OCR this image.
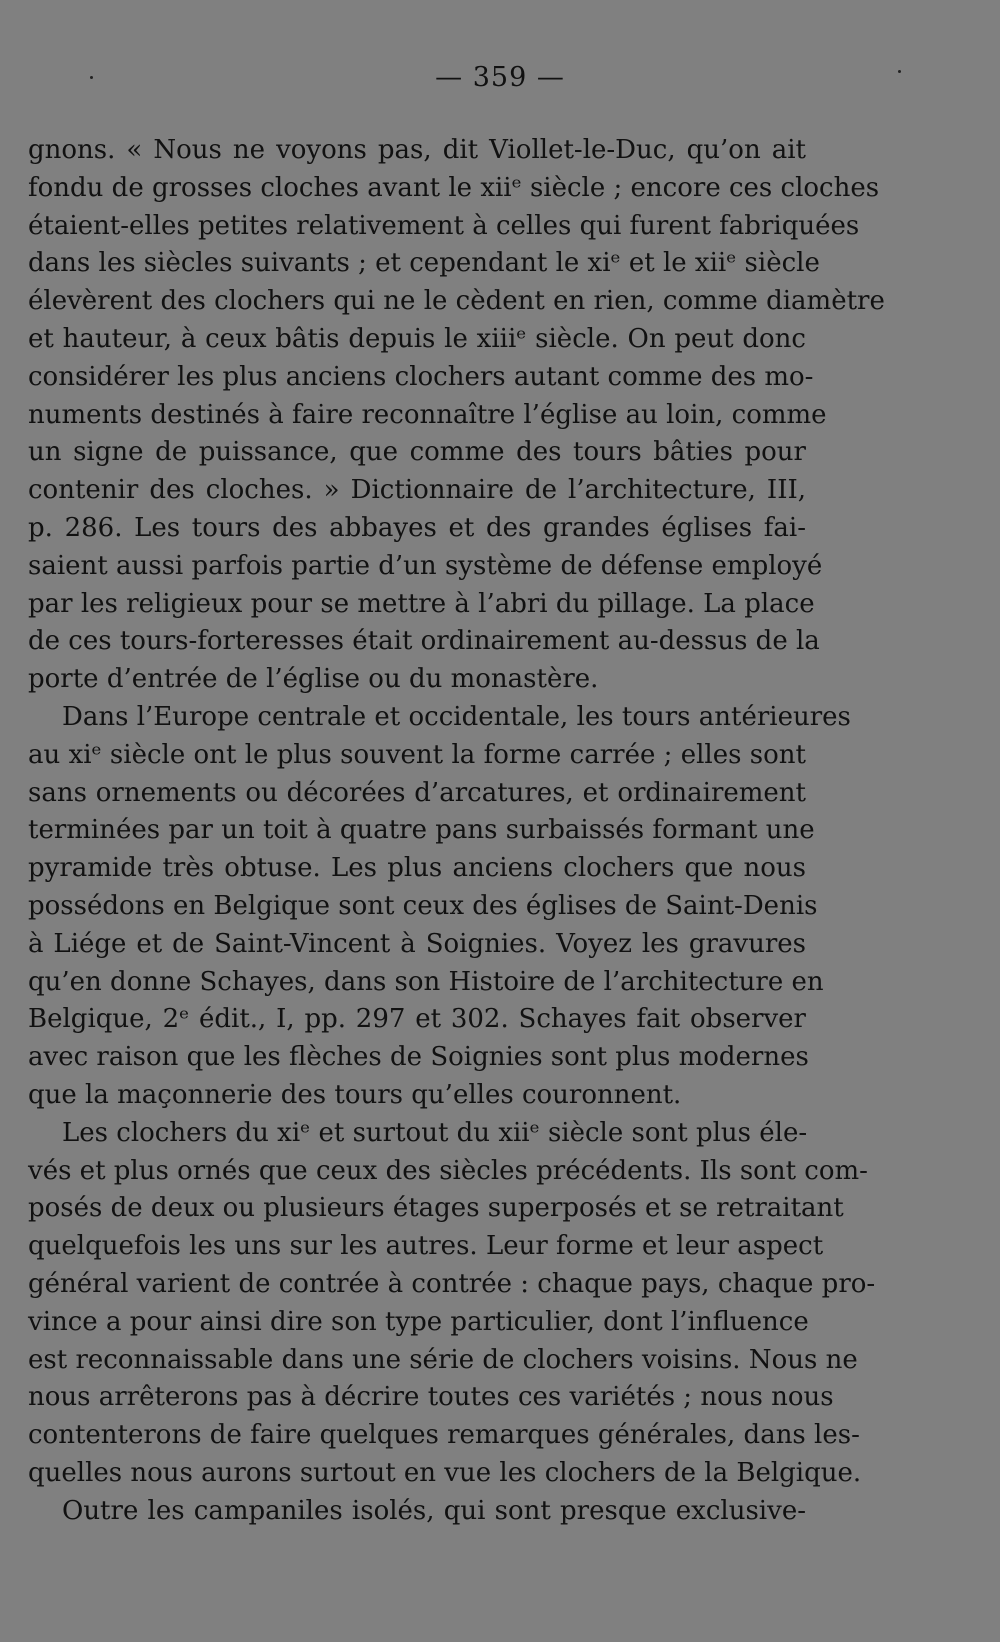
— 359 —
gnons. « Nous ne voyons pas, dit Viollet-le-Duc, qu’on ait
fondu de grosses cloches avant le xiiᵉ siècle ; encore ces cloches
étaient-elles petites relativement à celles qui furent fabriquées
dans les siècles suivants ; et cependant le xiᵉ et le xiiᵉ siècle
élevèrent des clochers qui ne le cèdent en rien, comme diamètre
et hauteur, à ceux bâtis depuis le xiiiᵉ siècle. On peut donc
considérer les plus anciens clochers autant comme des mo-
numents destinés à faire reconnaître l’église au loin, comme
un signe de puissance, que comme des tours bâties pour
contenir des cloches. » Dictionnaire de l’architecture, III,
p. 286. Les tours des abbayes et des grandes églises fai-
saient aussi parfois partie d’un système de défense employé
par les religieux pour se mettre à l’abri du pillage. La place
de ces tours-forteresses était ordinairement au-dessus de la
porte d’entrée de l’église ou du monastère.
Dans l’Europe centrale et occidentale, les tours antérieures
au xiᵉ siècle ont le plus souvent la forme carrée ; elles sont
sans ornements ou décorées d’arcatures, et ordinairement
terminées par un toit à quatre pans surbaissés formant une
pyramide très obtuse. Les plus anciens clochers que nous
possédons en Belgique sont ceux des églises de Saint-Denis
à Liége et de Saint-Vincent à Soignies. Voyez les gravures
qu’en donne Schayes, dans son Histoire de l’architecture en
Belgique, 2ᵉ édit., I, pp. 297 et 302. Schayes fait observer
avec raison que les flèches de Soignies sont plus modernes
que la maçonnerie des tours qu’elles couronnent.
Les clochers du xiᵉ et surtout du xiiᵉ siècle sont plus éle-
vés et plus ornés que ceux des siècles précédents. Ils sont com-
posés de deux ou plusieurs étages superposés et se retraitant
quelquefois les uns sur les autres. Leur forme et leur aspect
général varient de contrée à contrée : chaque pays, chaque pro-
vince a pour ainsi dire son type particulier, dont l’influence
est reconnaissable dans une série de clochers voisins. Nous ne
nous arrêterons pas à décrire toutes ces variétés ; nous nous
contenterons de faire quelques remarques générales, dans les-
quelles nous aurons surtout en vue les clochers de la Belgique.
Outre les campaniles isolés, qui sont presque exclusive-
